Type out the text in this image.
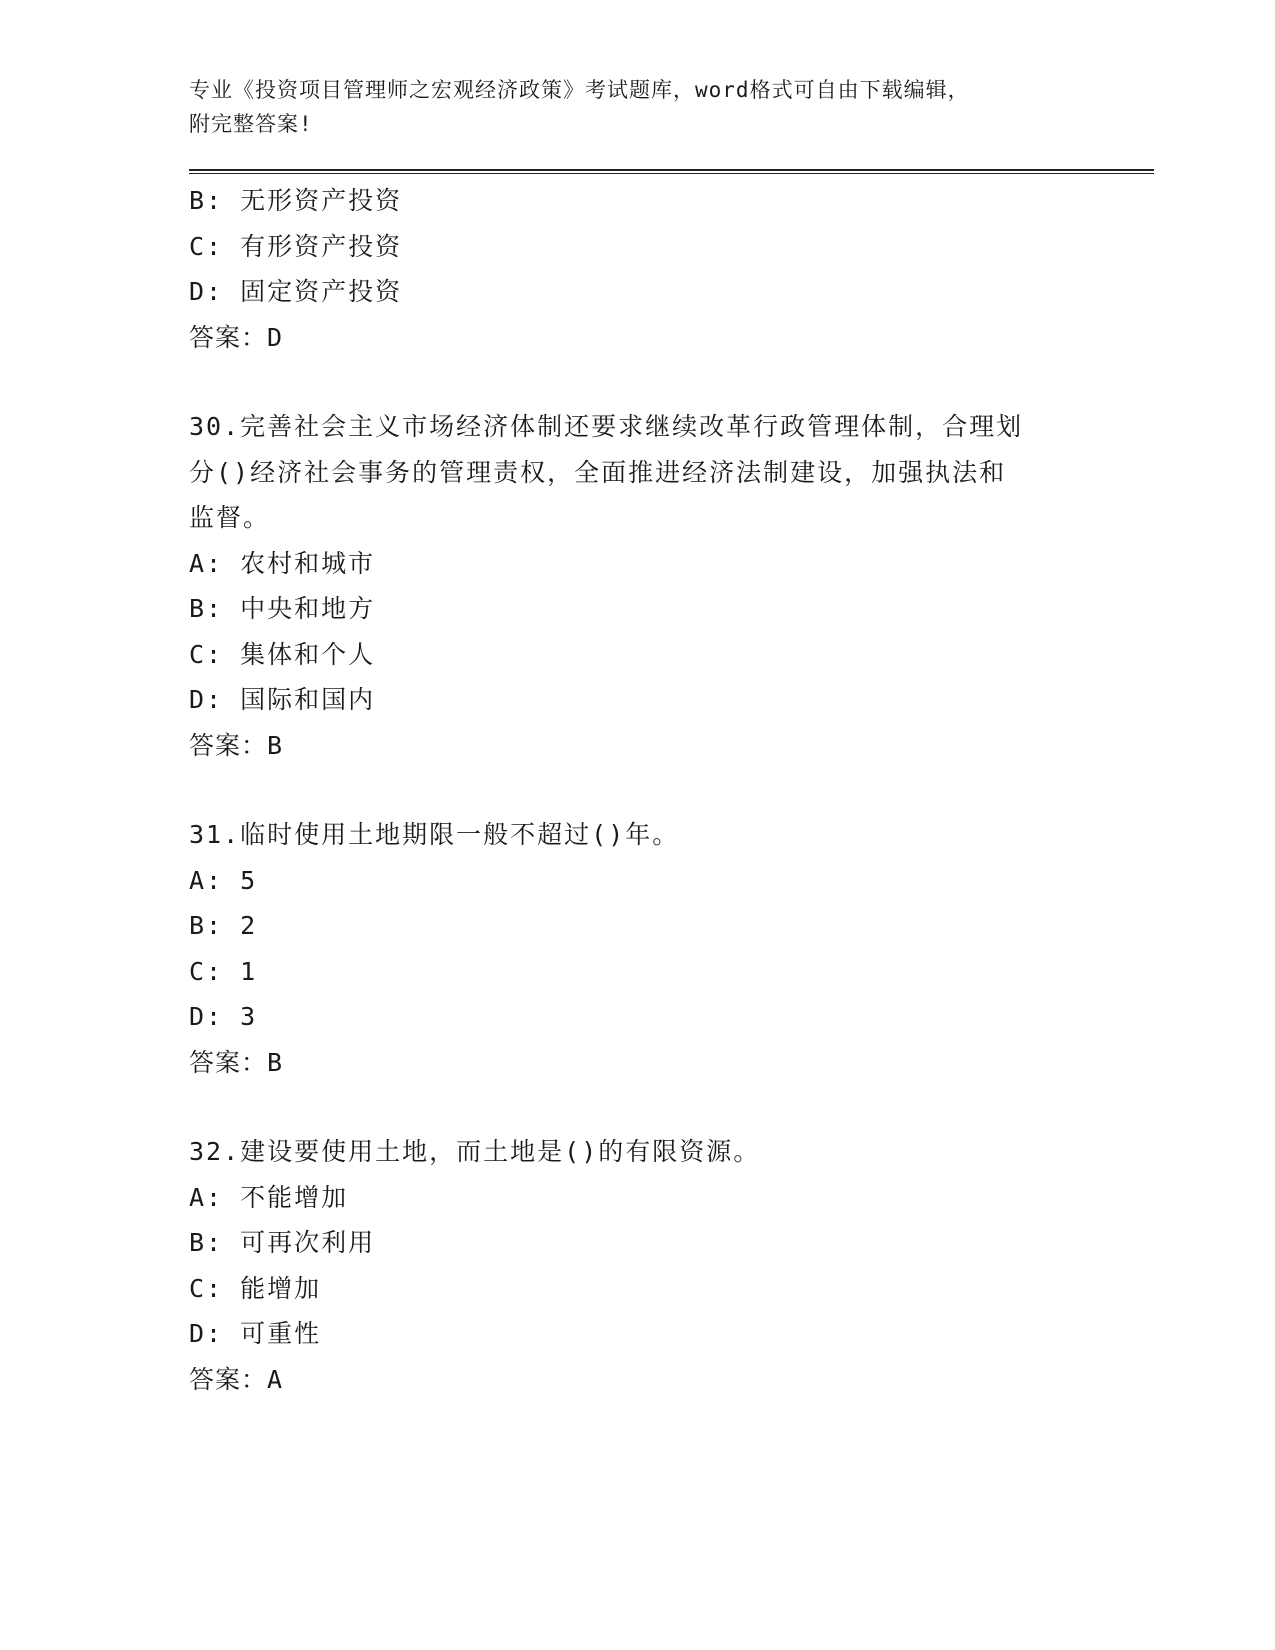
专业《投资项目管理师之宏观经济政策》考试题库，word格式可自由下载编辑，
附完整答案!
B: 无形资产投资
C: 有形资产投资
D: 固定资产投资
答案：D
30.完善社会主义市场经济体制还要求继续改革行政管理体制，合理划
分()经济社会事务的管理责权，全面推进经济法制建设，加强执法和
监督。
A: 农村和城市
B: 中央和地方
C: 集体和个人
D: 国际和国内
答案：B
31.临时使用土地期限一般不超过()年。
A: 5
B: 2
C: 1
D: 3
答案：B
32.建设要使用土地，而土地是()的有限资源。
A: 不能增加
B: 可再次利用
C: 能增加
D: 可重性
答案：A
